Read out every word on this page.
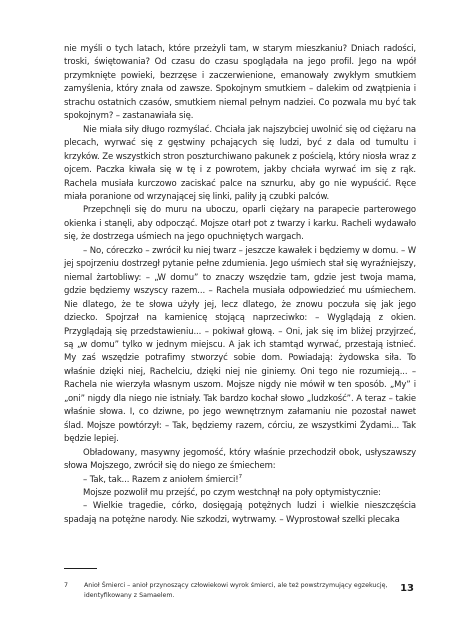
nie myśli o tych latach, które przeżyli tam, w starym mieszkaniu? Dniach radości, troski, świętowania? Od czasu do czasu spoglądała na jego profil. Jego na wpół przymknięte powieki, bezrzęse i zaczerwienione, emanowały zwykłym smutkiem zamyślenia, który znała od zawsze. Spokojnym smutkiem – dalekim od zwątpienia i strachu ostatnich czasów, smutkiem niemal pełnym nadziei. Co pozwala mu być tak spokojnym? – zastanawiała się.

Nie miała siły długo rozmyślać. Chciała jak najszybciej uwolnić się od ciężaru na plecach, wyrwać się z gęstwiny pchających się ludzi, być z dala od tumultu i krzyków. Ze wszystkich stron poszturchiwano pakunek z pościelą, który niosła wraz z ojcem. Paczka kiwała się w tę i z powrotem, jakby chciała wyrwać im się z rąk. Rachela musiała kurczowo zaciskać palce na sznurku, aby go nie wypuścić. Ręce miała poranione od wrzynającej się linki, paliły ją czubki palców.

Przepchnęli się do muru na uboczu, oparli ciężary na parapecie parterowego okienka i stanęli, aby odpocząć. Mojsze otarł pot z twarzy i karku. Racheli wydawało się, że dostrzega uśmiech na jego opuchniętych wargach.

– No, córeczko – zwrócił ku niej twarz – jeszcze kawałek i będziemy w domu. – W jej spojrzeniu dostrzegł pytanie pełne zdumienia. Jego uśmiech stał się wyraźniejszy, niemal żartobliwy: – „W domu” to znaczy wszędzie tam, gdzie jest twoja mama, gdzie będziemy wszyscy razem... – Rachela musiała odpowiedzieć mu uśmiechem. Nie dlatego, że te słowa użyły jej, lecz dlatego, że znowu poczuła się jak jego dziecko. Spojrzał na kamienicę stojącą naprzeciwko: – Wyglądają z okien. Przyglądają się przedstawieniu... – pokiwał głową. – Oni, jak się im bliżej przyjrzeć, są „w domu” tylko w jednym miejscu. A jak ich stamtąd wyrwać, przestają istnieć. My zaś wszędzie potrafimy stworzyć sobie dom. Powiadają: żydowska siła. To właśnie dzięki niej, Rachelciu, dzięki niej nie giniemy. Oni tego nie rozumieją... – Rachela nie wierzyła własnym uszom. Mojsze nigdy nie mówił w ten sposób. „My” i „oni” nigdy dla niego nie istniały. Tak bardzo kochał słowo „ludzkość”. A teraz – takie właśnie słowa. I, co dziwne, po jego wewnętrznym załamaniu nie pozostał nawet ślad. Mojsze powtórzył: – Tak, będziemy razem, córciu, ze wszystkimi Żydami... Tak będzie lepiej.

Obładowany, masywny jegomość, który właśnie przechodził obok, usłyszawszy słowa Mojszego, zwrócił się do niego ze śmiechem:

– Tak, tak... Razem z aniołem śmierci!$^7$

Mojsze pozwolił mu przejść, po czym westchnął na poły optymistycznie:

– Wielkie tragedie, córko, dosięgają potężnych ludzi i wielkie nieszczęścia spadają na potężne narody. Nie szkodzi, wytrwamy. – Wyprostował szelki plecaka

7	Anioł Śmierci – anioł przynoszący człowiekowi wyrok śmierci, ale też powstrzymujący egzekucję, identyfikowany z Samaelem.
13
